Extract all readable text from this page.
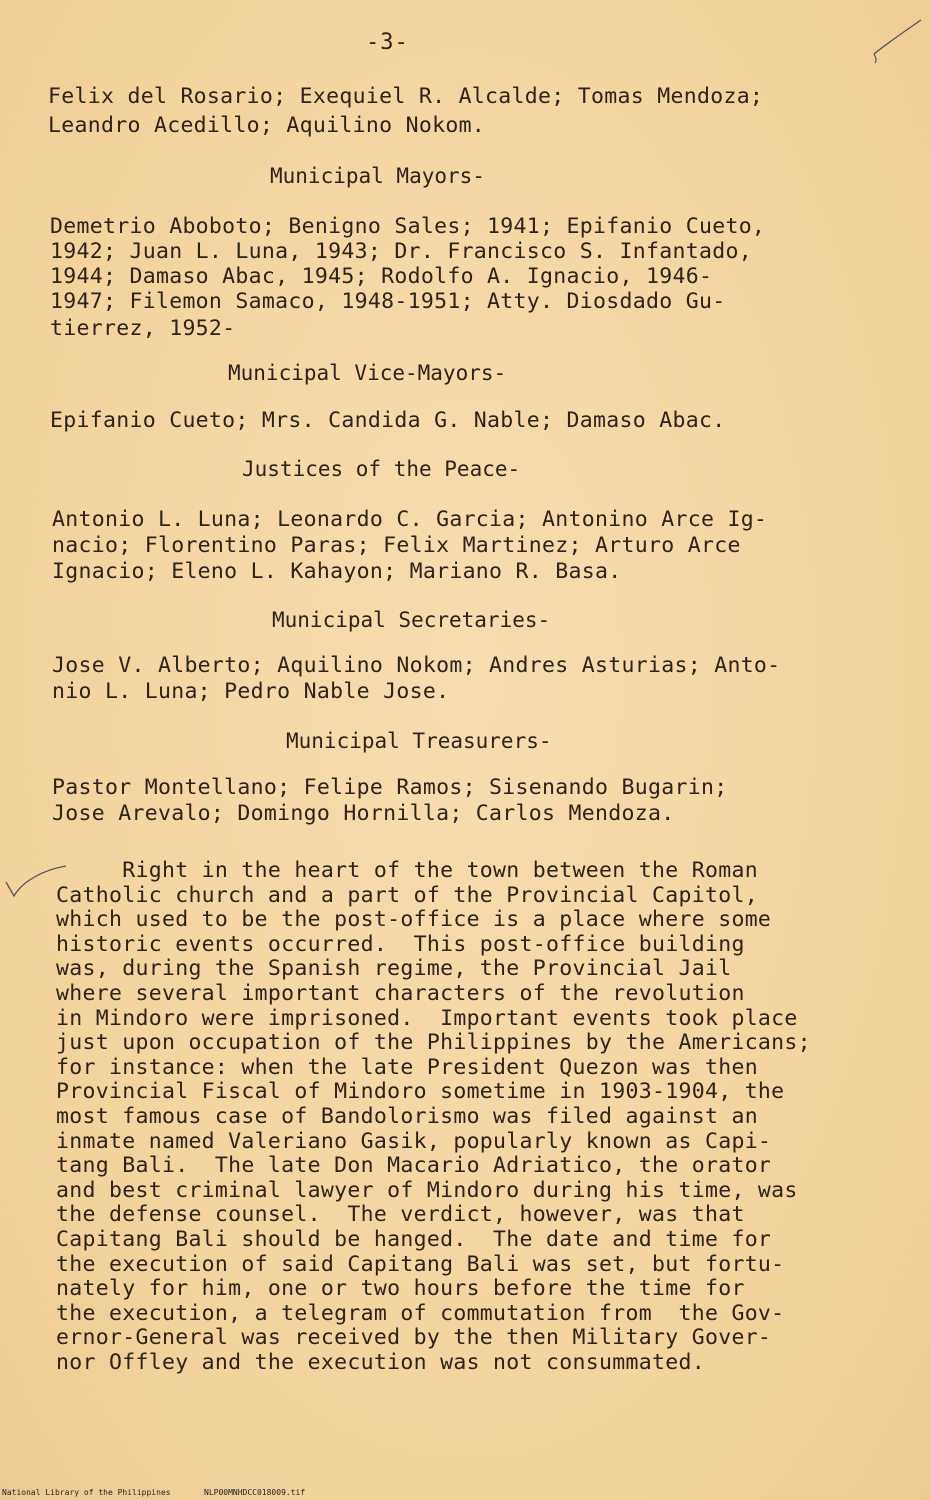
-3-
Felix del Rosario; Exequiel R. Alcalde; Tomas Mendoza;
Leandro Acedillo; Aquilino Nokom.
Municipal Mayors-
Demetrio Aboboto; Benigno Sales; 1941; Epifanio Cueto,
1942; Juan L. Luna, 1943; Dr. Francisco S. Infantado,
1944; Damaso Abac, 1945; Rodolfo A. Ignacio, 1946-
1947; Filemon Samaco, 1948-1951; Atty. Diosdado Gu-
tierrez, 1952-
Municipal Vice-Mayors-
Epifanio Cueto; Mrs. Candida G. Nable; Damaso Abac.
Justices of the Peace-
Antonio L. Luna; Leonardo C. Garcia; Antonino Arce Ig-
nacio; Florentino Paras; Felix Martinez; Arturo Arce
Ignacio; Eleno L. Kahayon; Mariano R. Basa.
Municipal Secretaries-
Jose V. Alberto; Aquilino Nokom; Andres Asturias; Anto-
nio L. Luna; Pedro Nable Jose.
Municipal Treasurers-
Pastor Montellano; Felipe Ramos; Sisenando Bugarin;
Jose Arevalo; Domingo Hornilla; Carlos Mendoza.
Right in the heart of the town between the Roman
Catholic church and a part of the Provincial Capitol,
which used to be the post-office is a place where some
historic events occurred.  This post-office building
was, during the Spanish regime, the Provincial Jail
where several important characters of the revolution
in Mindoro were imprisoned.  Important events took place
just upon occupation of the Philippines by the Americans;
for instance: when the late President Quezon was then
Provincial Fiscal of Mindoro sometime in 1903-1904, the
most famous case of Bandolorismo was filed against an
inmate named Valeriano Gasik, popularly known as Capi-
tang Bali.  The late Don Macario Adriatico, the orator
and best criminal lawyer of Mindoro during his time, was
the defense counsel.  The verdict, however, was that
Capitang Bali should be hanged.  The date and time for
the execution of said Capitang Bali was set, but fortu-
nately for him, one or two hours before the time for
the execution, a telegram of commutation from  the Gov-
ernor-General was received by the then Military Gover-
nor Offley and the execution was not consummated.
National Library of the Philippines	NLP00MNHDCC018009.tif
